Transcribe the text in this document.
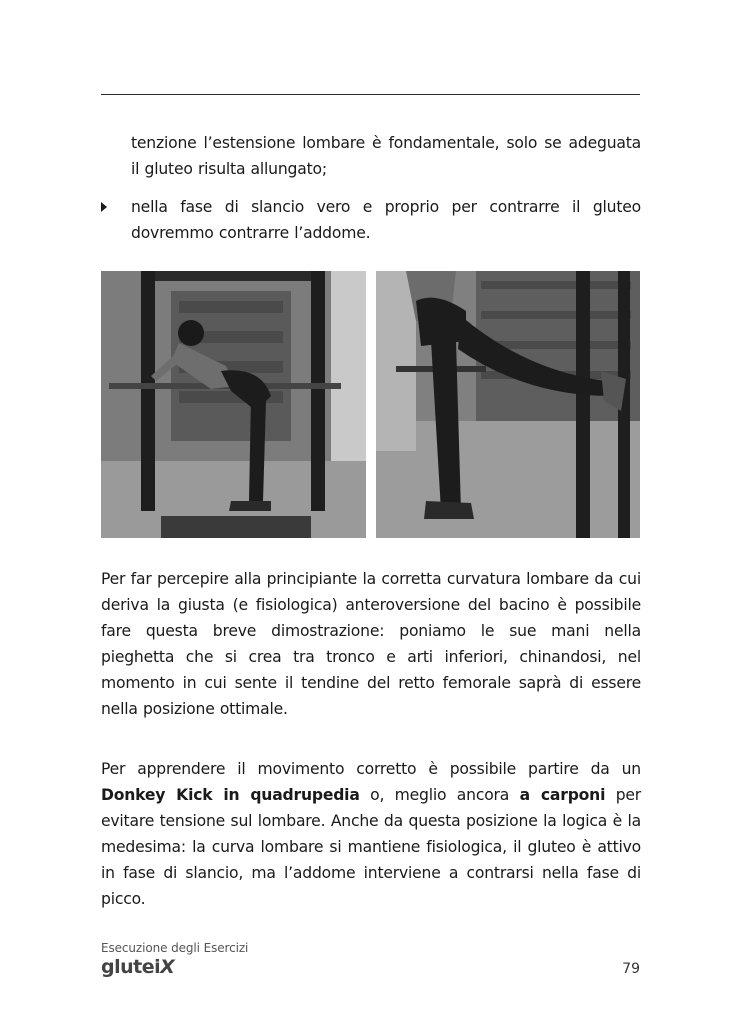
tenzione l’estensione lombare è fondamentale, solo se adeguata il gluteo risulta allungato;

nella fase di slancio vero e proprio per contrarre il gluteo dovremmo contrarre l’addome.

Per far percepire alla principiante la corretta curvatura lombare da cui deriva la giusta (e fisiologica) anteroversione del bacino è possibile fare questa breve dimostrazione: poniamo le sue mani nella pieghetta che si crea tra tronco e arti inferiori, chinandosi, nel momento in cui sente il tendine del retto femorale saprà di essere nella posizione ottimale.

Per apprendere il movimento corretto è possibile partire da un Donkey Kick in quadrupedia o, meglio ancora a carponi per evitare tensione sul lombare. Anche da questa posizione la logica è la medesima: la curva lombare si mantiene fisiologica, il gluteo è attivo in fase di slancio, ma l’addome interviene a contrarsi nella fase di picco.

Esecuzione degli Esercizi
gluteiX	79
